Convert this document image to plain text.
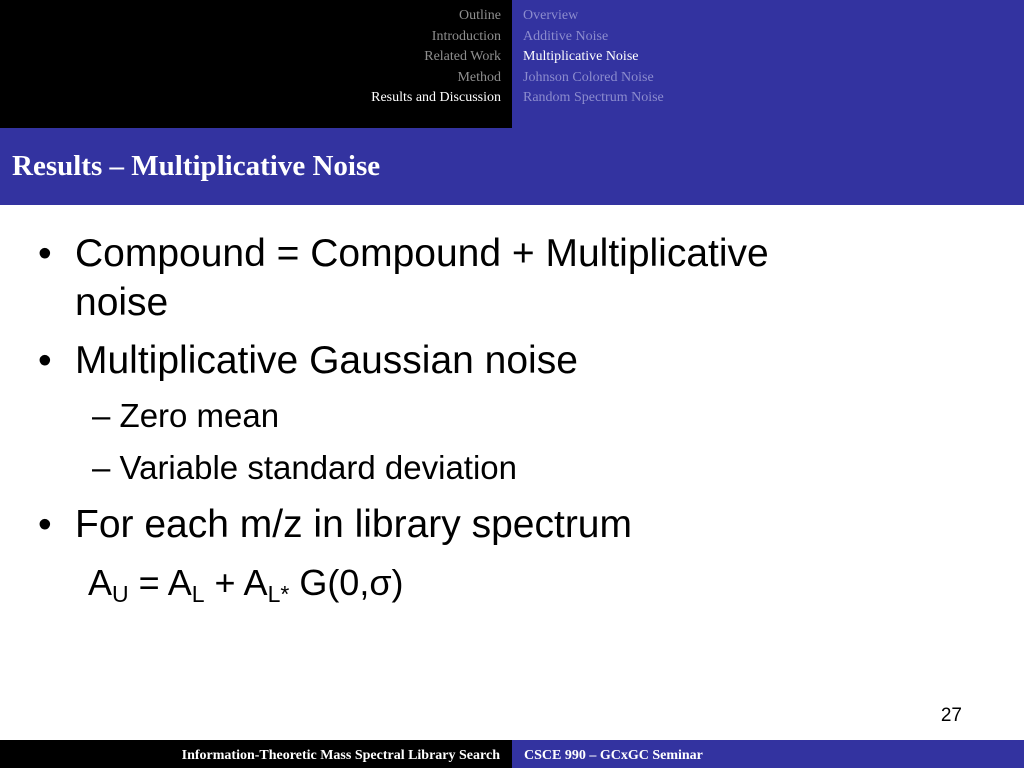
Outline
Introduction
Related Work
Method
Results and Discussion
Overview
Additive Noise
Multiplicative Noise
Johnson Colored Noise
Random Spectrum Noise
Results – Multiplicative Noise
• Compound = Compound + Multiplicative
noise
• Multiplicative Gaussian noise
– Zero mean
– Variable standard deviation
• For each m/z in library spectrum
$A_U = A_L + A_{L*}$ G(0,σ)
27
Information-Theoretic Mass Spectral Library Search CSCE 990 – GCxGC Seminar
